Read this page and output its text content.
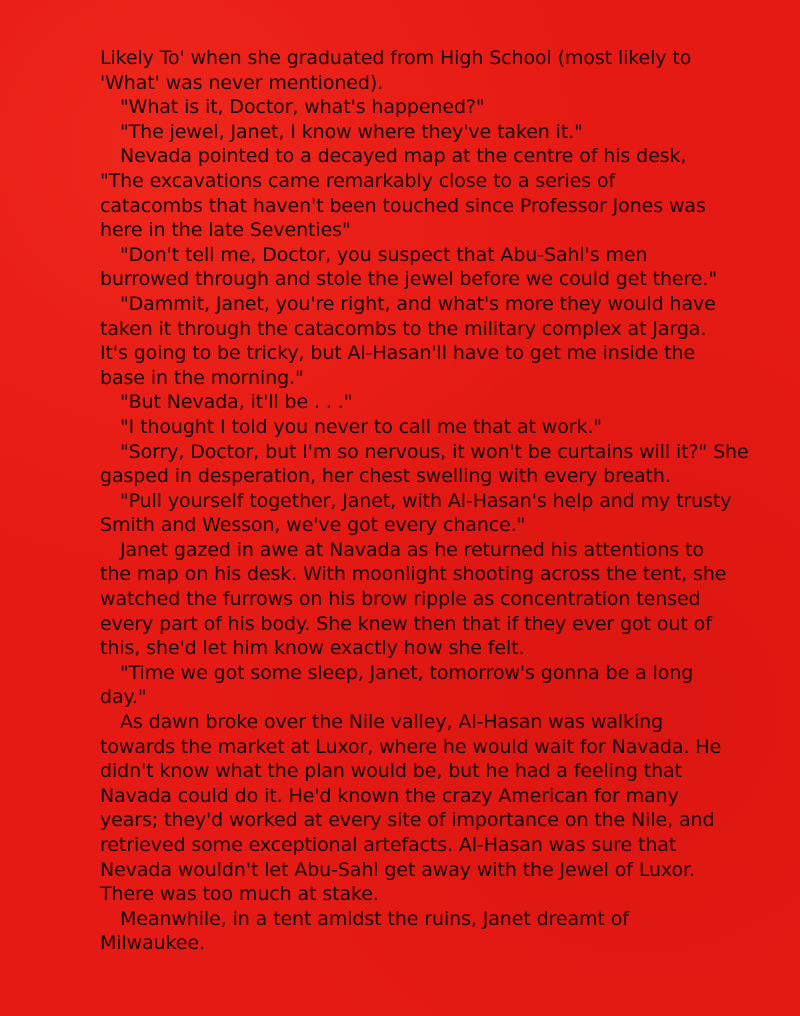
Likely To' when she graduated from High School (most likely to
'What' was never mentioned).
"What is it, Doctor, what's happened?"
"The jewel, Janet, I know where they've taken it."
Nevada pointed to a decayed map at the centre of his desk,
"The excavations came remarkably close to a series of
catacombs that haven't been touched since Professor Jones was
here in the late Seventies"
"Don't tell me, Doctor, you suspect that Abu-Sahl's men
burrowed through and stole the jewel before we could get there."
"Dammit, Janet, you're right, and what's more they would have
taken it through the catacombs to the military complex at Jarga.
It's going to be tricky, but Al-Hasan'll have to get me inside the
base in the morning."
"But Nevada, it'll be . . ."
"I thought I told you never to call me that at work."
"Sorry, Doctor, but I'm so nervous, it won't be curtains will it?" She
gasped in desperation, her chest swelling with every breath.
"Pull yourself together, Janet, with Al-Hasan's help and my trusty
Smith and Wesson, we've got every chance."
Janet gazed in awe at Navada as he returned his attentions to
the map on his desk. With moonlight shooting across the tent, she
watched the furrows on his brow ripple as concentration tensed
every part of his body. She knew then that if they ever got out of
this, she'd let him know exactly how she felt.
"Time we got some sleep, Janet, tomorrow's gonna be a long
day."
As dawn broke over the Nile valley, Al-Hasan was walking
towards the market at Luxor, where he would wait for Navada. He
didn't know what the plan would be, but he had a feeling that
Navada could do it. He'd known the crazy American for many
years; they'd worked at every site of importance on the Nile, and
retrieved some exceptional artefacts. Al-Hasan was sure that
Nevada wouldn't let Abu-Sahl get away with the Jewel of Luxor.
There was too much at stake.
Meanwhile, in a tent amidst the ruins, Janet dreamt of
Milwaukee.
